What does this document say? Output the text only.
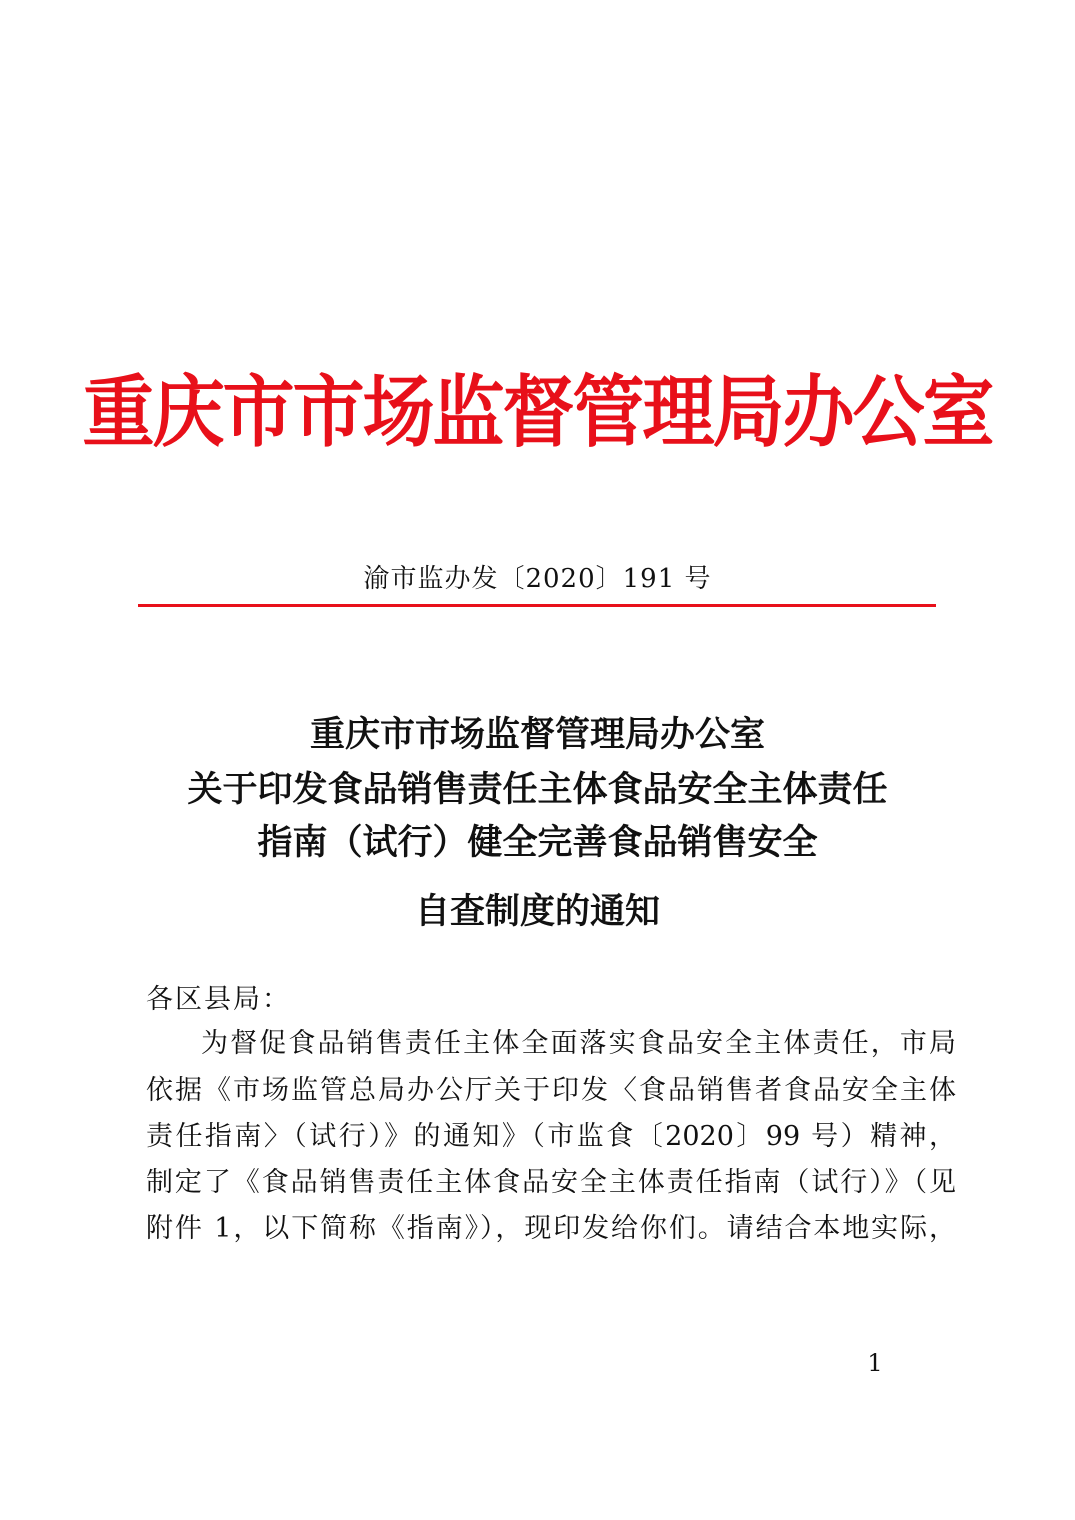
重庆市市场监督管理局办公室
渝市监办发〔2020〕191 号
重庆市市场监督管理局办公室
关于印发食品销售责任主体食品安全主体责任
指南（试行）健全完善食品销售安全
自查制度的通知
各区县局：
为督促食品销售责任主体全面落实食品安全主体责任，市局
依据《市场监管总局办公厅关于印发〈食品销售者食品安全主体
责任指南〉（试行）》的通知》（市监食〔2020〕99 号）精神，
制定了《食品销售责任主体食品安全主体责任指南（试行）》（见
附件 1，以下简称《指南》），现印发给你们。请结合本地实际，
1
